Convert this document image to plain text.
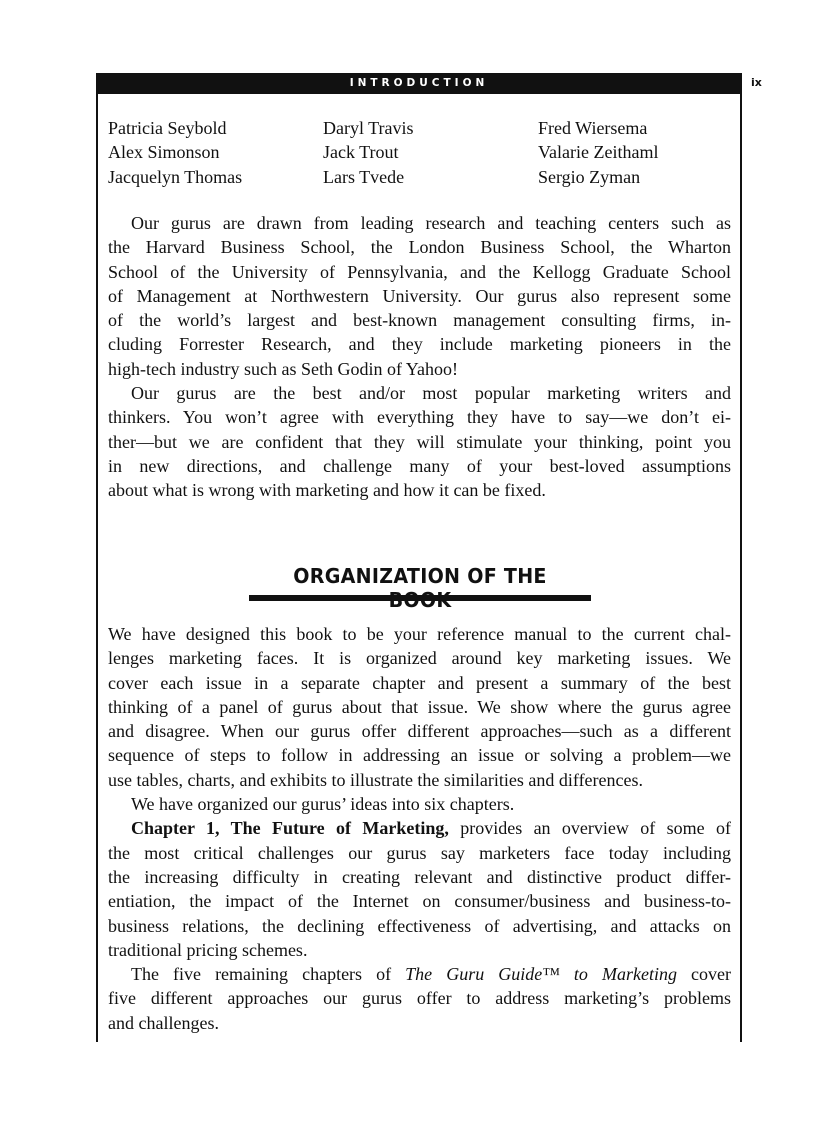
INTRODUCTION	ix
Patricia Seybold	Daryl Travis	Fred Wiersema
Alex Simonson	Jack Trout	Valarie Zeithaml
Jacquelyn Thomas	Lars Tvede	Sergio Zyman
Our gurus are drawn from leading research and teaching centers such as
the Harvard Business School, the London Business School, the Wharton
School of the University of Pennsylvania, and the Kellogg Graduate School
of Management at Northwestern University. Our gurus also represent some
of the world’s largest and best-known management consulting firms, in-
cluding Forrester Research, and they include marketing pioneers in the
high-tech industry such as Seth Godin of Yahoo!
Our gurus are the best and/or most popular marketing writers and
thinkers. You won’t agree with everything they have to say—we don’t ei-
ther—but we are confident that they will stimulate your thinking, point you
in new directions, and challenge many of your best-loved assumptions
about what is wrong with marketing and how it can be fixed.
ORGANIZATION OF THE
We have designed this book to be your reference manual to the current chal-
lenges marketing faces. It is organized around key marketing issues. We
cover each issue in a separate chapter and present a summary of the best
thinking of a panel of gurus about that issue. We show where the gurus agree
and disagree. When our gurus offer different approaches—such as a different
sequence of steps to follow in addressing an issue or solving a problem—we
use tables, charts, and exhibits to illustrate the similarities and differences.
We have organized our gurus’ ideas into six chapters.
Chapter 1, The Future of Marketing, provides an overview of some of
the most critical challenges our gurus say marketers face today including
the increasing difficulty in creating relevant and distinctive product differ-
entiation, the impact of the Internet on consumer/business and business-to-
business relations, the declining effectiveness of advertising, and attacks on
traditional pricing schemes.
The five remaining chapters of The Guru Guide™ to Marketing cover
five different approaches our gurus offer to address marketing’s problems
and challenges.
